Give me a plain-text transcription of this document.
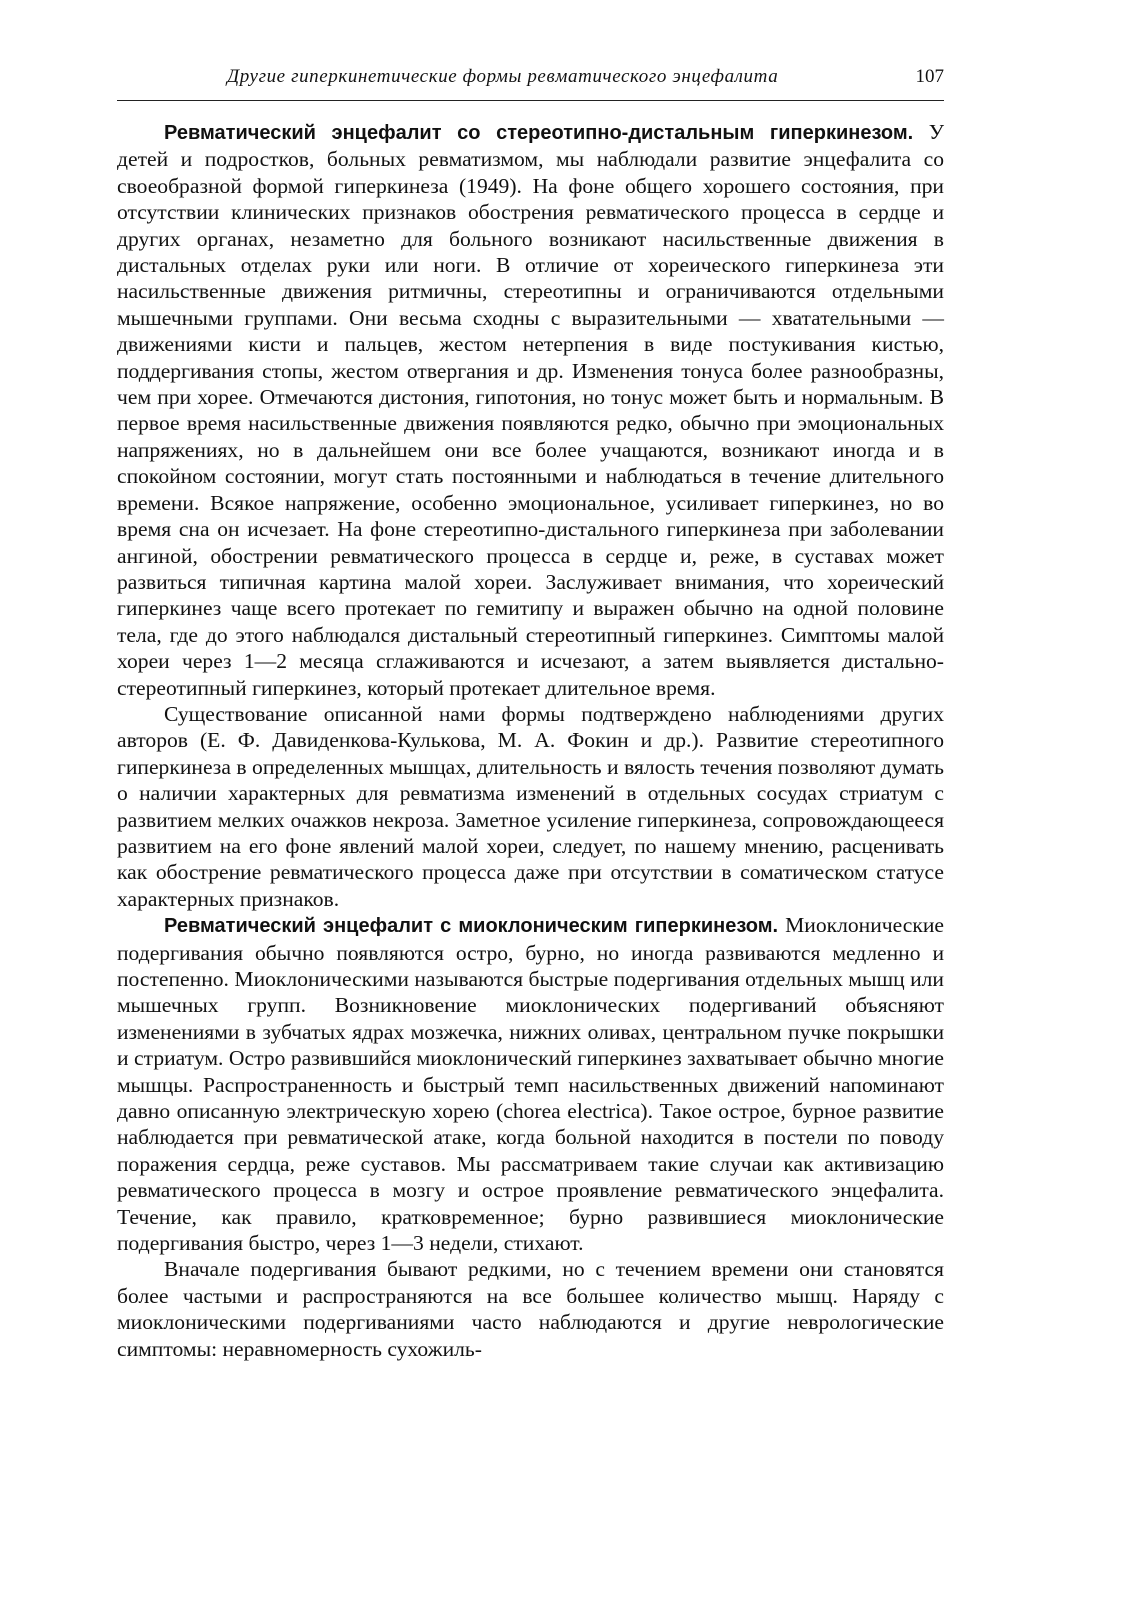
Другие гиперкинетические формы ревматического энцефалита	107

Ревматический энцефалит со стереотипно-дистальным гиперкинезом. У детей и подростков, больных ревматизмом, мы наблюдали развитие энцефалита со своеобразной формой гиперкинеза (1949). На фоне общего хорошего состояния, при отсутствии клинических признаков обострения ревматического процесса в сердце и других органах, незаметно для больного возникают насильственные движения в дистальных отделах руки или ноги. В отличие от хореического гиперкинеза эти насильственные движения ритмичны, стереотипны и ограничиваются отдельными мышечными группами. Они весьма сходны с выразительными — хватательными — движениями кисти и пальцев, жестом нетерпения в виде постукивания кистью, поддергивания стопы, жестом отвергания и др. Изменения тонуса более разнообразны, чем при хорее. Отмечаются дистония, гипотония, но тонус может быть и нормальным. В первое время насильственные движения появляются редко, обычно при эмоциональных напряжениях, но в дальнейшем они все более учащаются, возникают иногда и в спокойном состоянии, могут стать постоянными и наблюдаться в течение длительного времени. Всякое напряжение, особенно эмоциональное, усиливает гиперкинез, но во время сна он исчезает. На фоне стереотипно-дистального гиперкинеза при заболевании ангиной, обострении ревматического процесса в сердце и, реже, в суставах может развиться типичная картина малой хореи. Заслуживает внимания, что хореический гиперкинез чаще всего протекает по гемитипу и выражен обычно на одной половине тела, где до этого наблюдался дистальный стереотипный гиперкинез. Симптомы малой хореи через 1—2 месяца сглаживаются и исчезают, а затем выявляется дистально-стереотипный гиперкинез, который протекает длительное время.

Существование описанной нами формы подтверждено наблюдениями других авторов (Е. Ф. Давиденкова-Кулькова, М. А. Фокин и др.). Развитие стереотипного гиперкинеза в определенных мышцах, длительность и вялость течения позволяют думать о наличии характерных для ревматизма изменений в отдельных сосудах стриатум с развитием мелких очажков некроза. Заметное усиление гиперкинеза, сопровождающееся развитием на его фоне явлений малой хореи, следует, по нашему мнению, расценивать как обострение ревматического процесса даже при отсутствии в соматическом статусе характерных признаков.

Ревматический энцефалит с миоклоническим гиперкинезом. Миоклонические подергивания обычно появляются остро, бурно, но иногда развиваются медленно и постепенно. Миоклоническими называются быстрые подергивания отдельных мышц или мышечных групп. Возникновение миоклонических подергиваний объясняют изменениями в зубчатых ядрах мозжечка, нижних оливах, центральном пучке покрышки и стриатум. Остро развившийся миоклонический гиперкинез захватывает обычно многие мышцы. Распространенность и быстрый темп насильственных движений напоминают давно описанную электрическую хорею (chorea electrica). Такое острое, бурное развитие наблюдается при ревматической атаке, когда больной находится в постели по поводу поражения сердца, реже суставов. Мы рассматриваем такие случаи как активизацию ревматического процесса в мозгу и острое проявление ревматического энцефалита. Течение, как правило, кратковременное; бурно развившиеся миоклонические подергивания быстро, через 1—3 недели, стихают.

Вначале подергивания бывают редкими, но с течением времени они становятся более частыми и распространяются на все большее количество мышц. Наряду с миоклоническими подергиваниями часто наблюдаются и другие неврологические симптомы: неравномерность сухожиль-
